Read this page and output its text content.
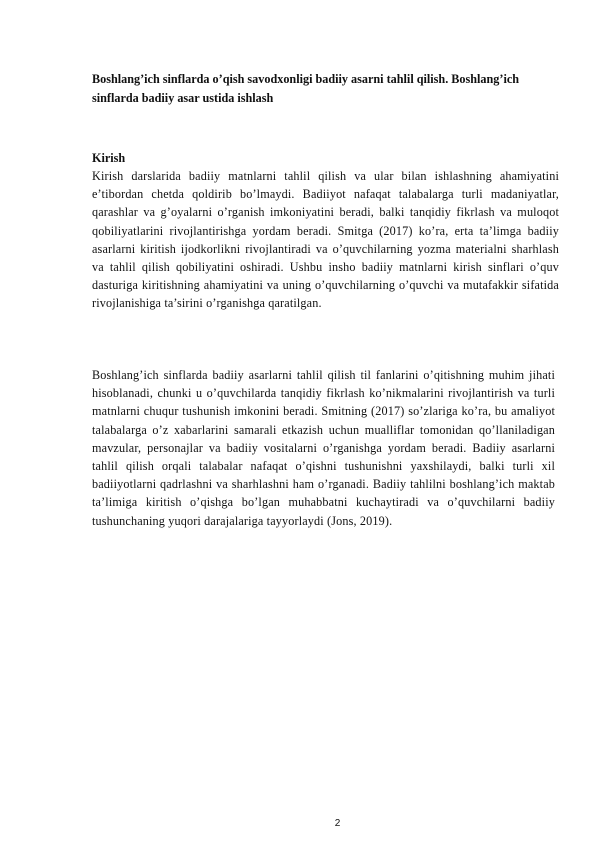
Boshlang’ich sinflarda o’qish savodxonligi badiiy asarni tahlil qilish. Boshlang’ich sinflarda badiiy asar ustida ishlash

Kirish

Kirish darslarida badiiy matnlarni tahlil qilish va ular bilan ishlashning ahamiyatini e’tibordan chetda qoldirib bo’lmaydi. Badiiyot nafaqat talabalarga turli madaniyatlar, qarashlar va g’oyalarni o’rganish imkoniyatini beradi, balki tanqidiy fikrlash va muloqot qobiliyatlarini rivojlantirishga yordam beradi. Smitga (2017) ko’ra, erta ta’limga badiiy asarlarni kiritish ijodkorlikni rivojlantiradi va o’quvchilarning yozma materialni sharhlash va tahlil qilish qobiliyatini oshiradi. Ushbu insho badiiy matnlarni kirish sinflari o’quv dasturiga kiritishning ahamiyatini va uning o’quvchilarning o’quvchi va mutafakkir sifatida rivojlanishiga ta’sirini o’rganishga qaratilgan.

Boshlang’ich sinflarda badiiy asarlarni tahlil qilish til fanlarini o’qitishning muhim jihati hisoblanadi, chunki u o’quvchilarda tanqidiy fikrlash ko’nikmalarini rivojlantirish va turli matnlarni chuqur tushunish imkonini beradi. Smitning (2017) so’zlariga ko’ra, bu amaliyot talabalarga o’z xabarlarini samarali etkazish uchun mualliflar tomonidan qo’llaniladigan mavzular, personajlar va badiiy vositalarni o’rganishga yordam beradi. Badiiy asarlarni tahlil qilish orqali talabalar nafaqat o’qishni tushunishni yaxshilaydi, balki turli xil badiiyotlarni qadrlashni va sharhlashni ham o’rganadi. Badiiy tahlilni boshlang’ich maktab ta’limiga kiritish o’qishga bo’lgan muhabbatni kuchaytiradi va o’quvchilarni badiiy tushunchaning yuqori darajalariga tayyorlaydi (Jons, 2019).

2
